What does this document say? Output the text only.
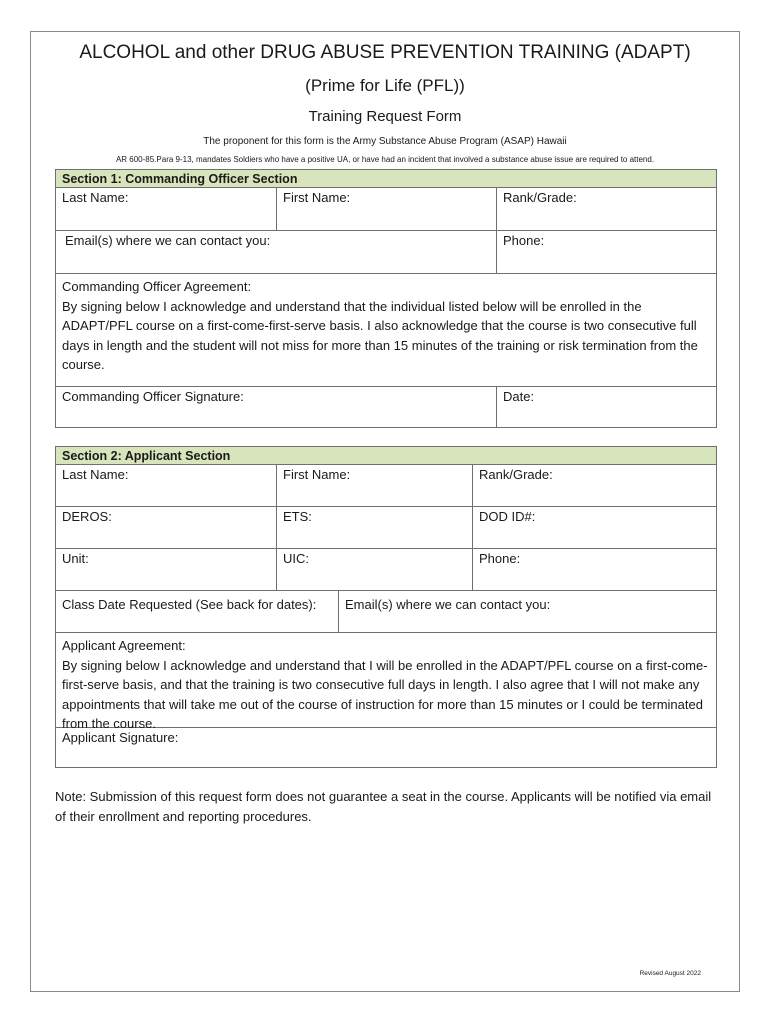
ALCOHOL and other DRUG ABUSE PREVENTION TRAINING (ADAPT)
(Prime for Life (PFL))
Training Request Form
The proponent for this form is the Army Substance Abuse Program (ASAP) Hawaii
AR 600-85.Para 9-13, mandates Soldiers who have a positive UA, or have had an incident that involved a substance abuse issue are required to attend.
Section 1: Commanding Officer Section
Last Name:	First Name:	Rank/Grade:
Email(s) where we can contact you:	Phone:
Commanding Officer Agreement:
By signing below I acknowledge and understand that the individual listed below will be enrolled in the ADAPT/PFL course on a first-come-first-serve basis. I also acknowledge that the course is two consecutive full days in length and the student will not miss for more than 15 minutes of the training or risk termination from the course.
Commanding Officer Signature:	Date:
Section 2: Applicant Section
Last Name:	First Name:	Rank/Grade:
DEROS:	ETS:	DOD ID#:
Unit:	UIC:	Phone:
Class Date Requested (See back for dates):	Email(s) where we can contact you:
Applicant Agreement:
By signing below I acknowledge and understand that I will be enrolled in the ADAPT/PFL course on a first-come-first-serve basis, and that the training is two consecutive full days in length. I also agree that I will not make any appointments that will take me out of the course of instruction for more than 15 minutes or I could be terminated from the course.
Applicant Signature:
Note: Submission of this request form does not guarantee a seat in the course. Applicants will be notified via email of their enrollment and reporting procedures.
Revised August 2022
